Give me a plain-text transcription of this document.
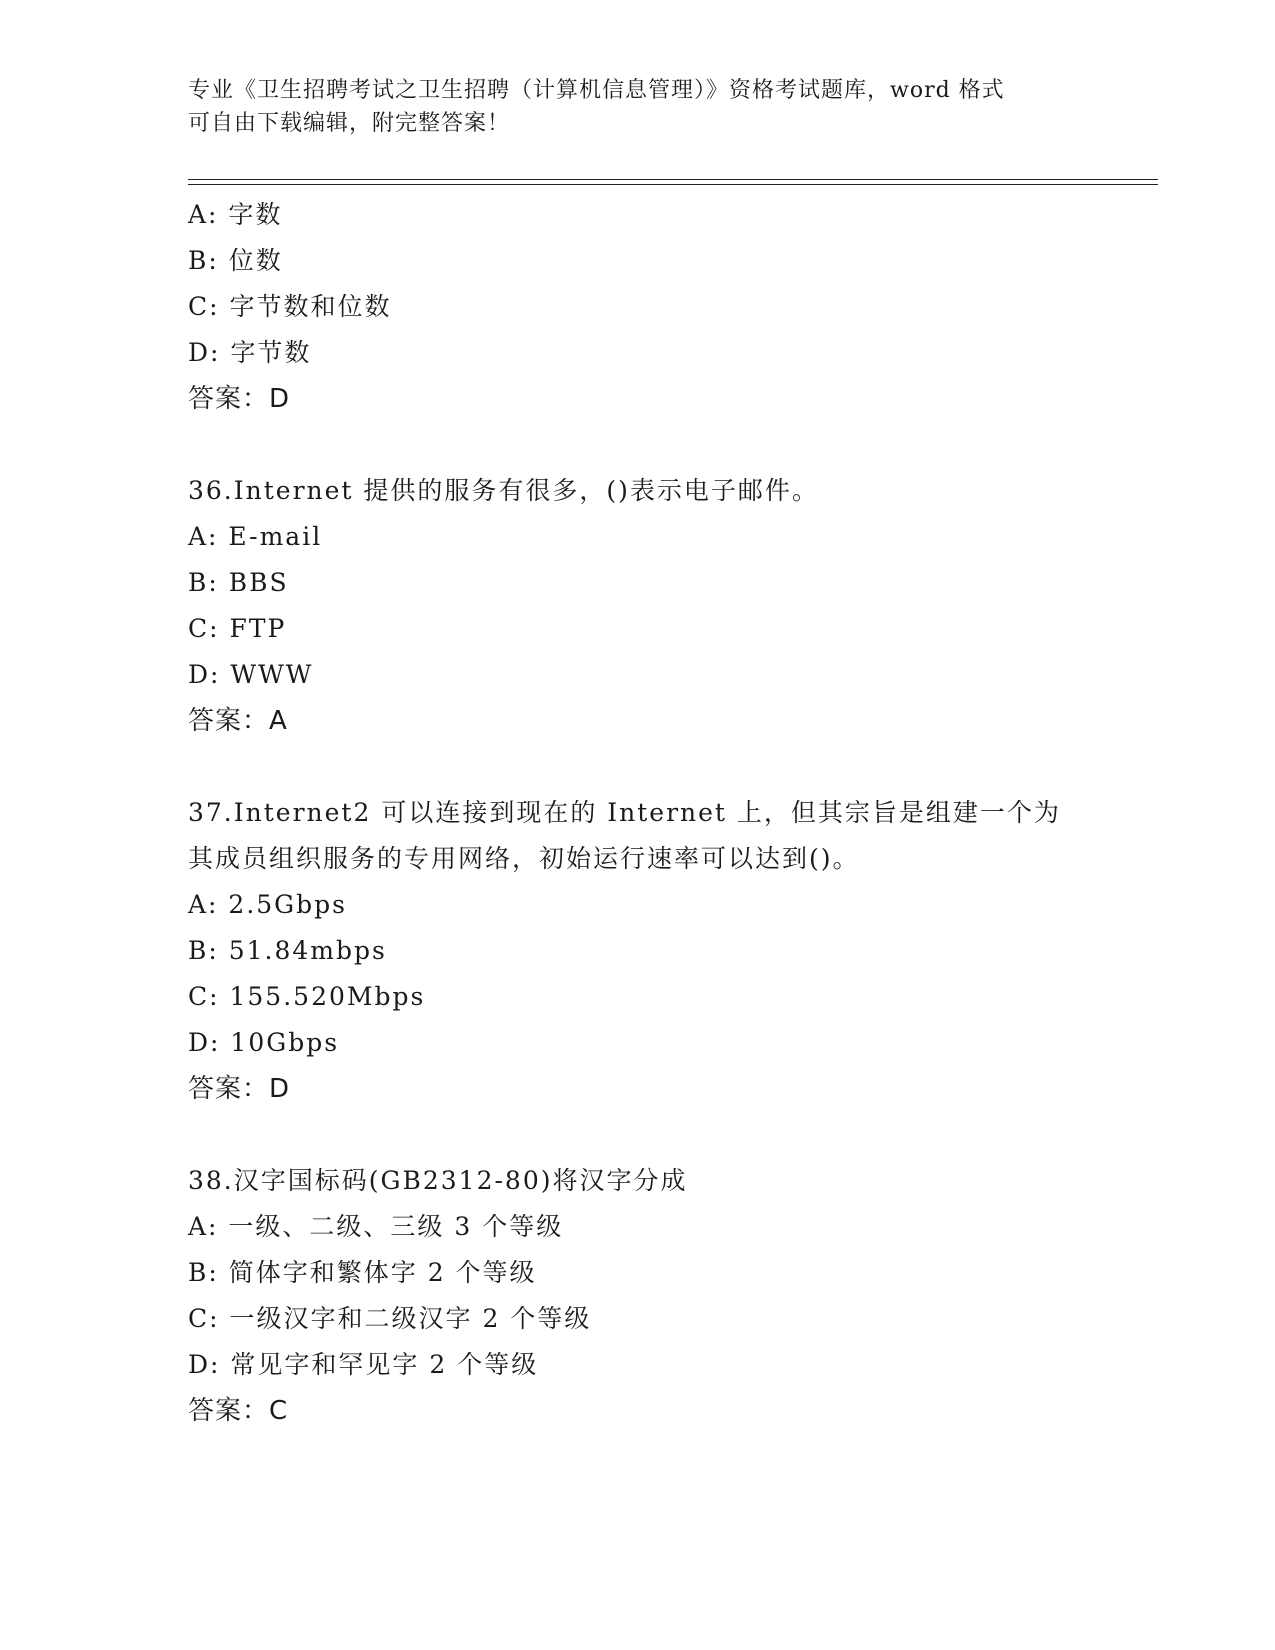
专业《卫生招聘考试之卫生招聘（计算机信息管理）》资格考试题库，word 格式
可自由下载编辑，附完整答案！
A: 字数
B: 位数
C: 字节数和位数
D: 字节数
答案：D
36.Internet 提供的服务有很多，()表示电子邮件。
A: E-mail
B: BBS
C: FTP
D: WWW
答案：A
37.Internet2 可以连接到现在的 Internet 上，但其宗旨是组建一个为
其成员组织服务的专用网络，初始运行速率可以达到()。
A: 2.5Gbps
B: 51.84mbps
C: 155.520Mbps
D: 10Gbps
答案：D
38.汉字国标码(GB2312-80)将汉字分成
A: 一级、二级、三级 3 个等级
B: 简体字和繁体字 2 个等级
C: 一级汉字和二级汉字 2 个等级
D: 常见字和罕见字 2 个等级
答案：C
